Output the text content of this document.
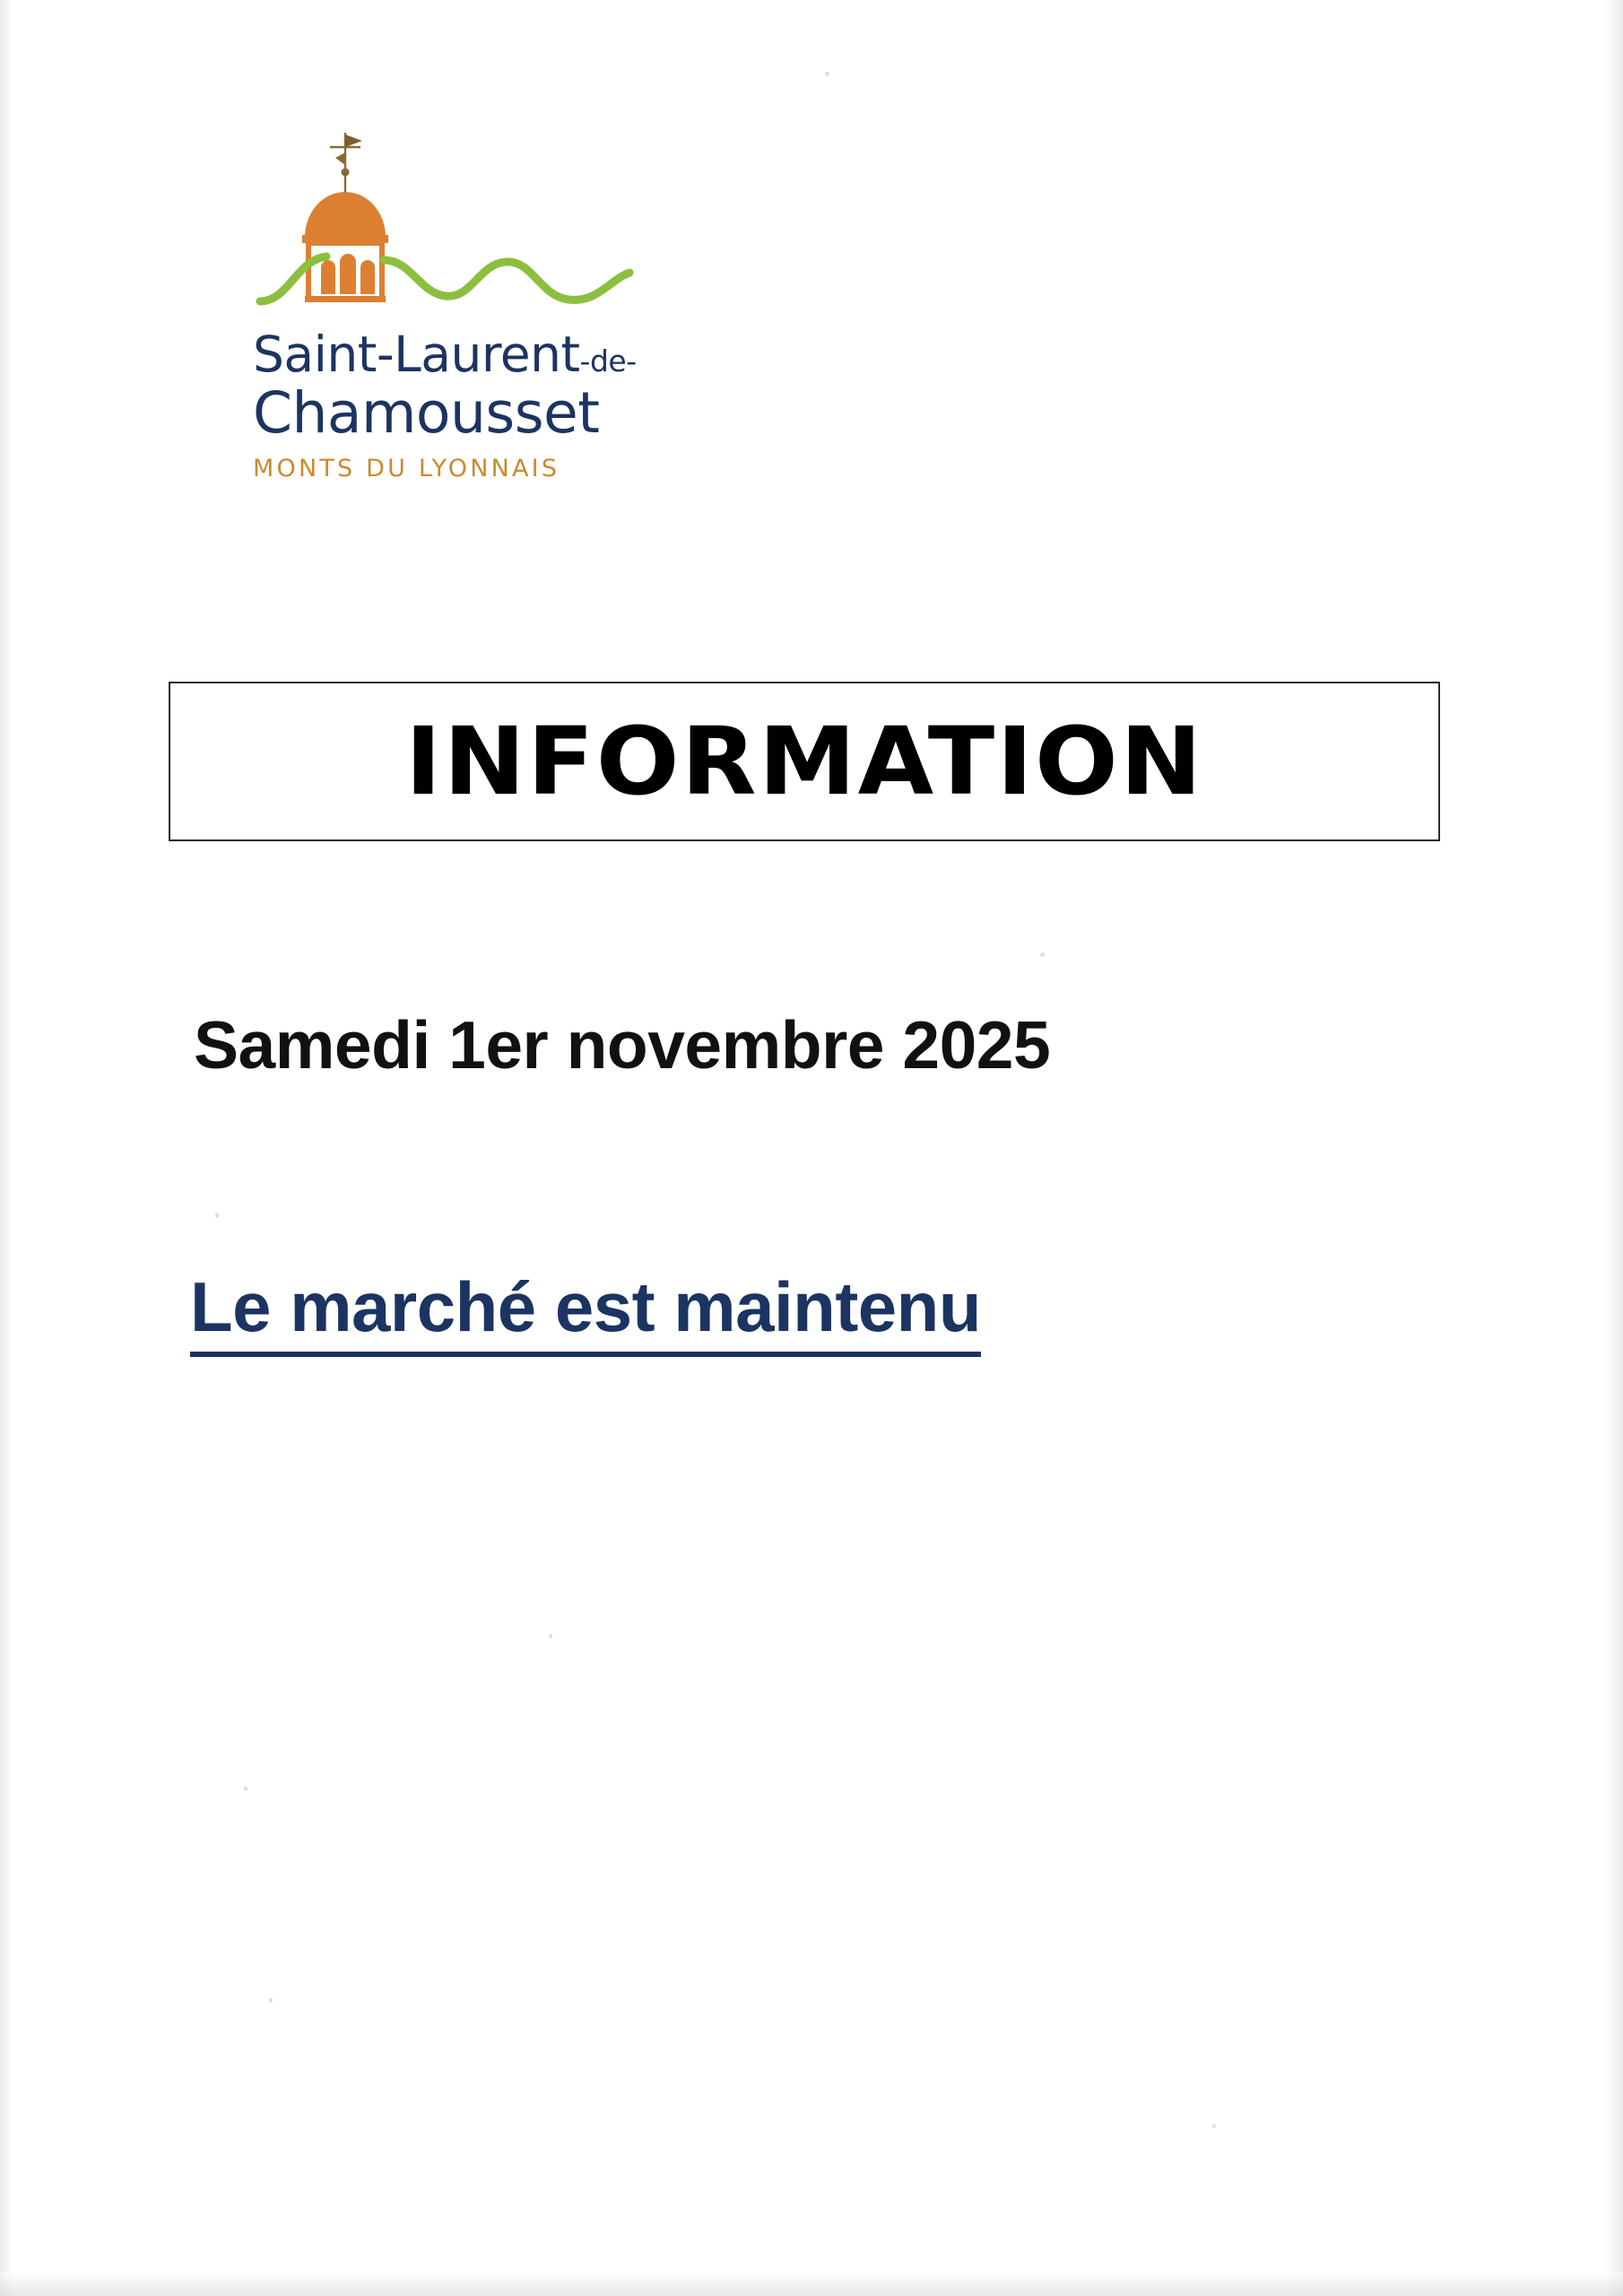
Saint-Laurent-de-
Chamousset
MONTS DU LYONNAIS
INFORMATION
Samedi 1er novembre 2025
Le marché est maintenu
